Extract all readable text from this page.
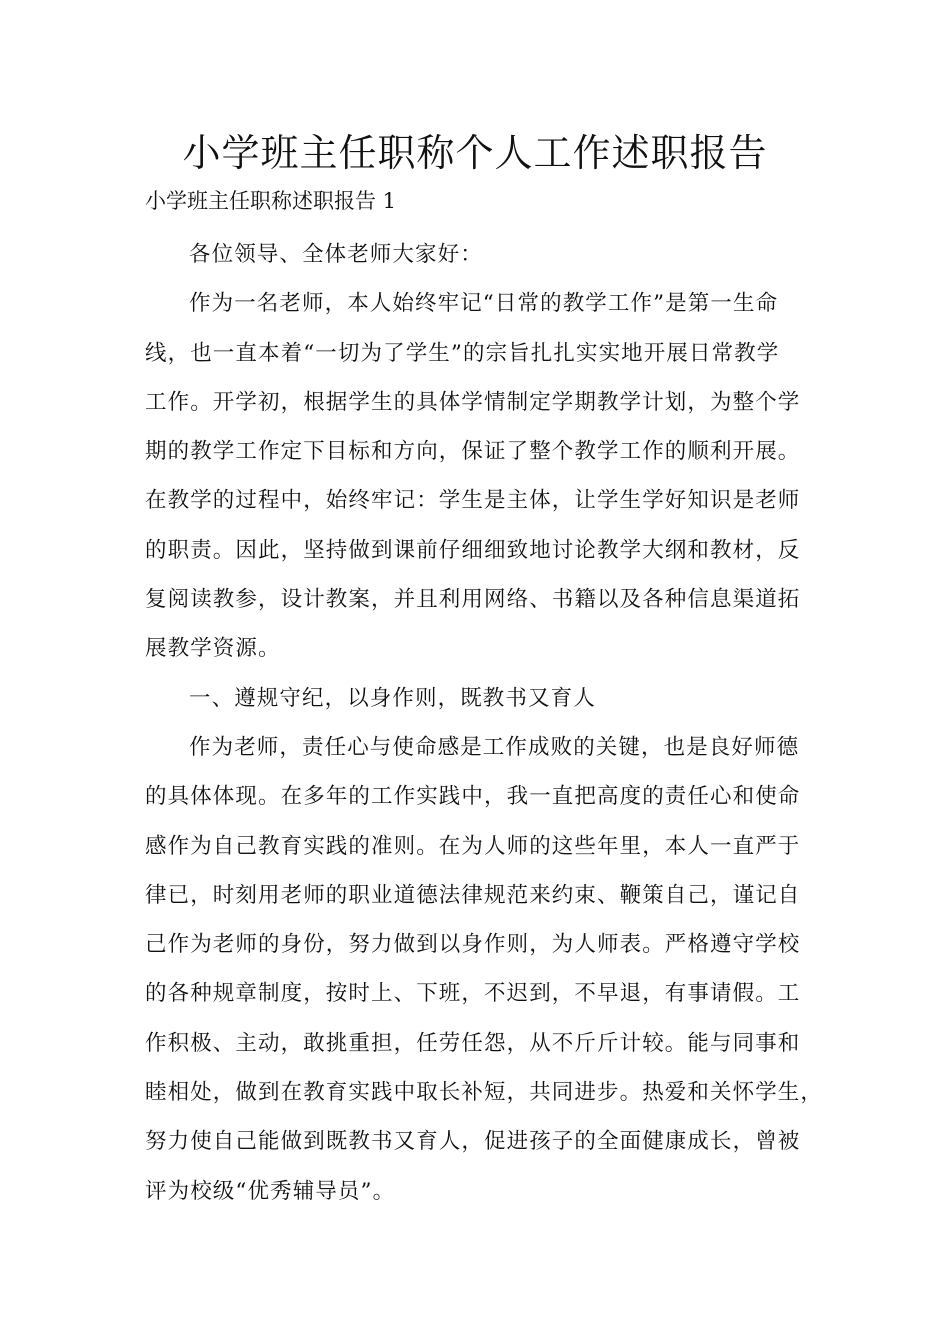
小学班主任职称个人工作述职报告

小学班主任职称述职报告 1

各位领导、全体老师大家好：
作为一名老师，本人始终牢记“日常的教学工作”是第一生命
线，也一直本着“一切为了学生”的宗旨扎扎实实地开展日常教学
工作。开学初，根据学生的具体学情制定学期教学计划，为整个学
期的教学工作定下目标和方向，保证了整个教学工作的顺利开展。
在教学的过程中，始终牢记：学生是主体，让学生学好知识是老师
的职责。因此，坚持做到课前仔细细致地讨论教学大纲和教材，反
复阅读教参，设计教案，并且利用网络、书籍以及各种信息渠道拓
展教学资源。
一、遵规守纪，以身作则，既教书又育人
作为老师，责任心与使命感是工作成败的关键，也是良好师德
的具体体现。在多年的工作实践中，我一直把高度的责任心和使命
感作为自己教育实践的准则。在为人师的这些年里，本人一直严于
律已，时刻用老师的职业道德法律规范来约束、鞭策自己，谨记自
己作为老师的身份，努力做到以身作则，为人师表。严格遵守学校
的各种规章制度，按时上、下班，不迟到，不早退，有事请假。工
作积极、主动，敢挑重担，任劳任怨，从不斤斤计较。能与同事和
睦相处，做到在教育实践中取长补短，共同进步。热爱和关怀学生，
努力使自己能做到既教书又育人，促进孩子的全面健康成长，曾被
评为校级“优秀辅导员”。
